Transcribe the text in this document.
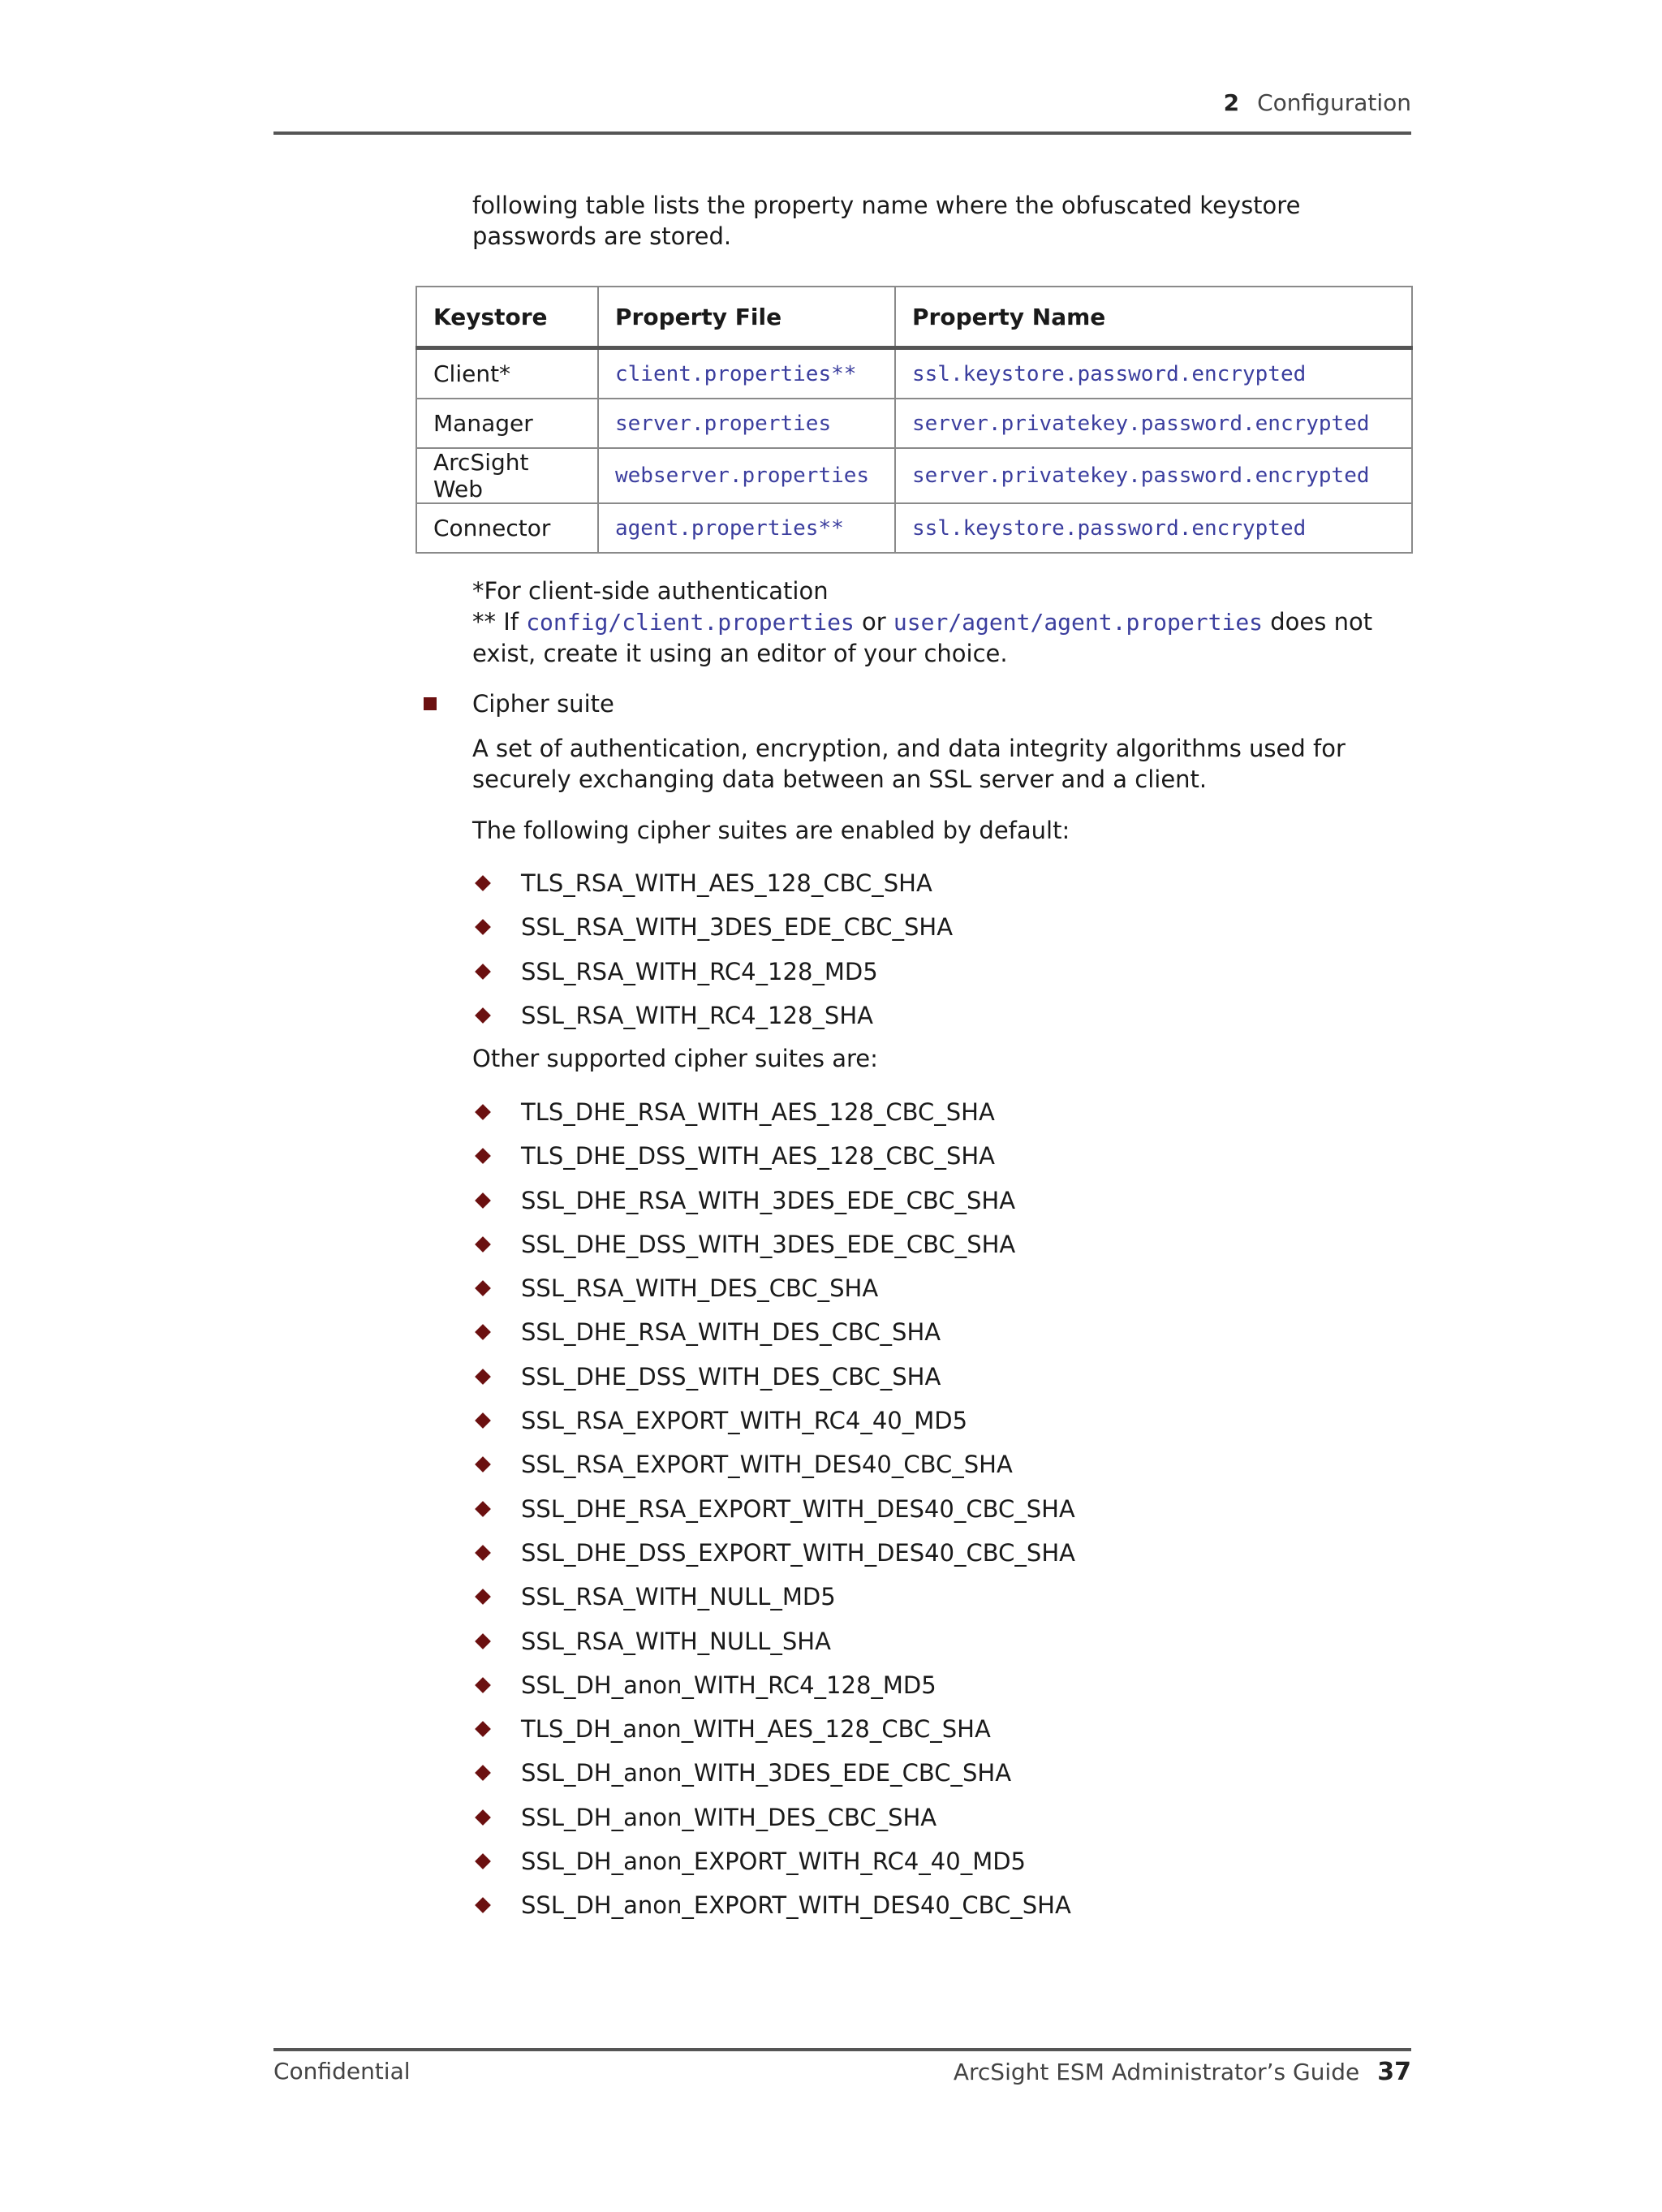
2 Configuration
following table lists the property name where the obfuscated keystore passwords are stored.
Keystore	Property File	Property Name
Client*	client.properties**	ssl.keystore.password.encrypted
Manager	server.properties	server.privatekey.password.encrypted
ArcSight Web	webserver.properties	server.privatekey.password.encrypted
Connector	agent.properties**	ssl.keystore.password.encrypted
*For client-side authentication
** If config/client.properties or user/agent/agent.properties does not exist, create it using an editor of your choice.
Cipher suite
A set of authentication, encryption, and data integrity algorithms used for securely exchanging data between an SSL server and a client.
The following cipher suites are enabled by default:
TLS_RSA_WITH_AES_128_CBC_SHA
SSL_RSA_WITH_3DES_EDE_CBC_SHA
SSL_RSA_WITH_RC4_128_MD5
SSL_RSA_WITH_RC4_128_SHA
Other supported cipher suites are:
TLS_DHE_RSA_WITH_AES_128_CBC_SHA
TLS_DHE_DSS_WITH_AES_128_CBC_SHA
SSL_DHE_RSA_WITH_3DES_EDE_CBC_SHA
SSL_DHE_DSS_WITH_3DES_EDE_CBC_SHA
SSL_RSA_WITH_DES_CBC_SHA
SSL_DHE_RSA_WITH_DES_CBC_SHA
SSL_DHE_DSS_WITH_DES_CBC_SHA
SSL_RSA_EXPORT_WITH_RC4_40_MD5
SSL_RSA_EXPORT_WITH_DES40_CBC_SHA
SSL_DHE_RSA_EXPORT_WITH_DES40_CBC_SHA
SSL_DHE_DSS_EXPORT_WITH_DES40_CBC_SHA
SSL_RSA_WITH_NULL_MD5
SSL_RSA_WITH_NULL_SHA
SSL_DH_anon_WITH_RC4_128_MD5
TLS_DH_anon_WITH_AES_128_CBC_SHA
SSL_DH_anon_WITH_3DES_EDE_CBC_SHA
SSL_DH_anon_WITH_DES_CBC_SHA
SSL_DH_anon_EXPORT_WITH_RC4_40_MD5
SSL_DH_anon_EXPORT_WITH_DES40_CBC_SHA
Confidential	ArcSight ESM Administrator’s Guide 37
